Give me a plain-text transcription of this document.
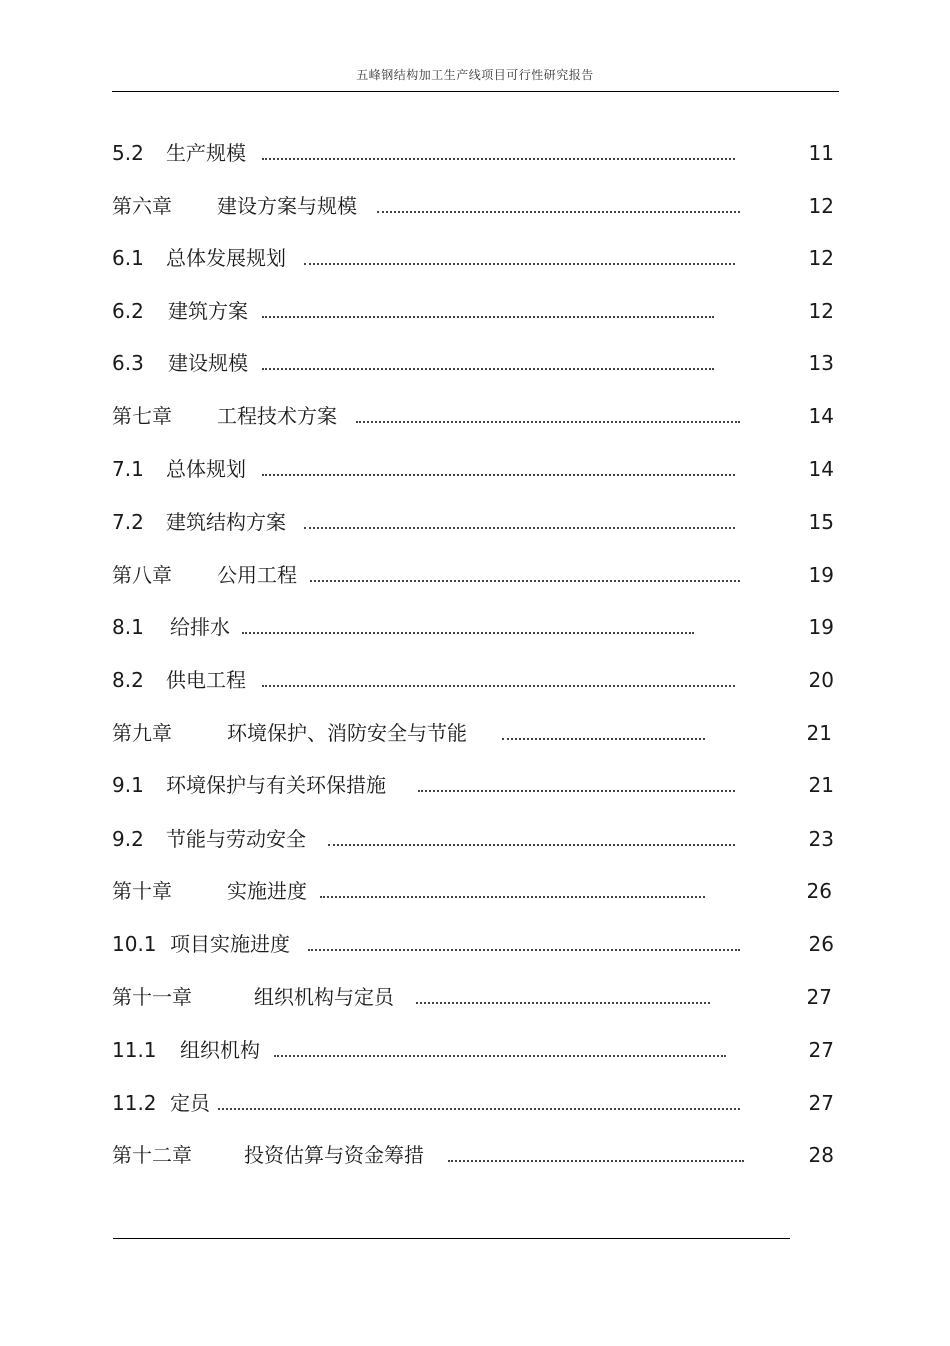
五峰钢结构加工生产线项目可行性研究报告
5.2 生产规模	11
第六章 建设方案与规模	12
6.1 总体发展规划	12
6.2 建筑方案	12
6.3 建设规模	13
第七章 工程技术方案	14
7.1 总体规划	14
7.2 建筑结构方案	15
第八章 公用工程	19
8.1 给排水	19
8.2 供电工程	20
第九章	环境保护、消防安全与节能	21
9.1 环境保护与有关环保措施	21
9.2 节能与劳动安全	23
第十章	实施进度	26
10.1 项目实施进度	26
第十一章	组织机构与定员	27
11.1 组织机构	27
11.2 定员	27
第十二章	投资估算与资金筹措	28
